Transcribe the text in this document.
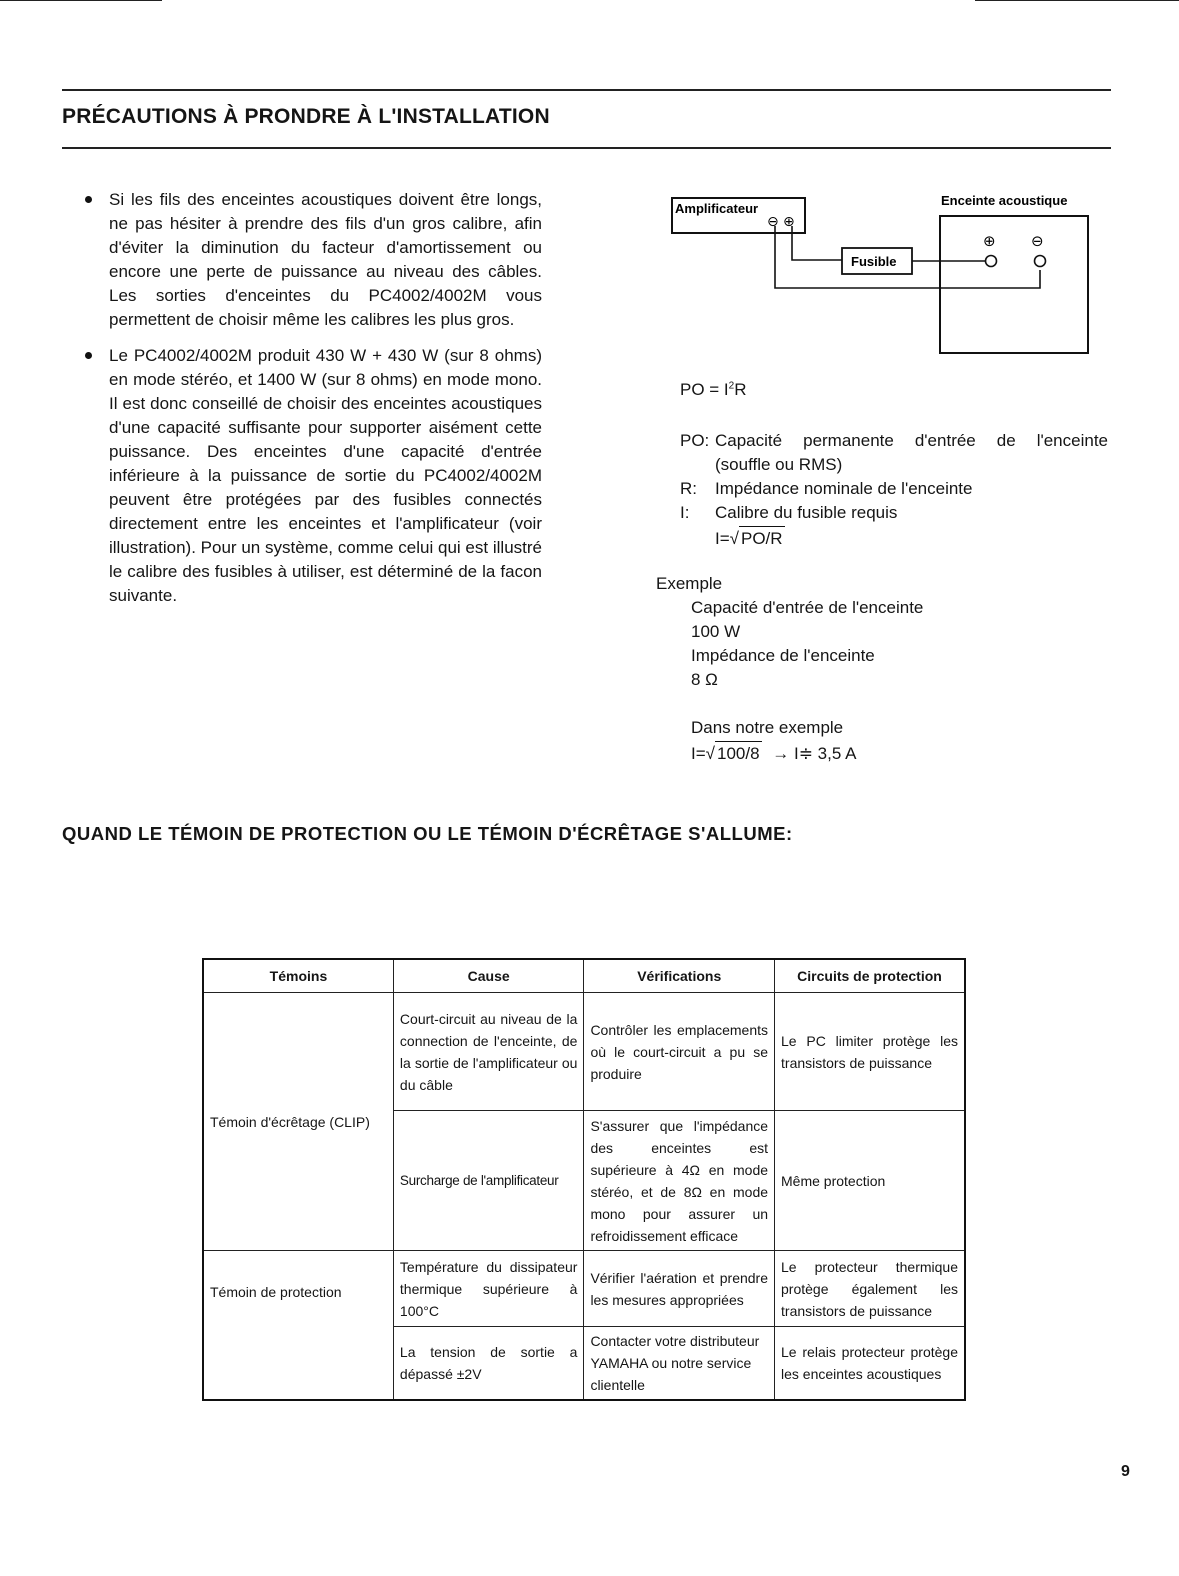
PRÉCAUTIONS À PRONDRE À L'INSTALLATION
Si les fils des enceintes acoustiques doivent être longs, ne pas hésiter à prendre des fils d'un gros calibre, afin d'éviter la diminution du facteur d'amortissement ou encore une perte de puissance au niveau des câbles. Les sorties d'enceintes du PC4002/4002M vous permettent de choisir même les calibres les plus gros.
Le PC4002/4002M produit 430 W + 430 W (sur 8 ohms) en mode stéréo, et 1400 W (sur 8 ohms) en mode mono. Il est donc conseillé de choisir des enceintes acoustiques d'une capacité suffisante pour supporter aisément cette puissance. Des enceintes d'une capacité d'entrée inférieure à la puissance de sortie du PC4002/4002M peuvent être protégées par des fusibles connectés directement entre les enceintes et l'amplificateur (voir illustration). Pour un système, comme celui qui est illustré le calibre des fusibles à utiliser, est déterminé de la facon suivante.
Amplificateur
⊖ ⊕
Fusible
Enceinte acoustique
⊕ ⊖
PO = $I^2R$
PO: Capacité permanente d'entrée de l'enceinte
(souffle ou RMS)
R: Impédance nominale de l'enceinte
I: Calibre du fusible requis
I=√ PO/R
Exemple
Capacité d'entrée de l'enceinte
100 W
Impédance de l'enceinte
8 Ω
Dans notre exemple
I=√ 100/8 → I≑ 3,5 A
QUAND LE TÉMOIN DE PROTECTION OU LE TÉMOIN D'ÉCRÊTAGE S'ALLUME:
Témoins	Cause	Vérifications	Circuits de protection
Témoin d'écrêtage (CLIP)	Court-circuit au niveau de la connection de l'enceinte, de la sortie de l'amplificateur ou du câble	Contrôler les emplacements où le court-circuit a pu se produire	Le PC limiter protège les transistors de puissance
	Surcharge de l'amplificateur	S'assurer que l'impédance des enceintes est supérieure à 4Ω en mode stéréo, et de 8Ω en mode mono pour assurer un refroidissement efficace	Même protection
Témoin de protection	Température du dissipateur thermique supérieure à 100°C	Vérifier l'aération et prendre les mesures appropriées	Le protecteur thermique protège également les transistors de puissance
	La tension de sortie a dépassé ±2V	Contacter votre distributeur YAMAHA ou notre service clientelle	Le relais protecteur protège les enceintes acoustiques
9
